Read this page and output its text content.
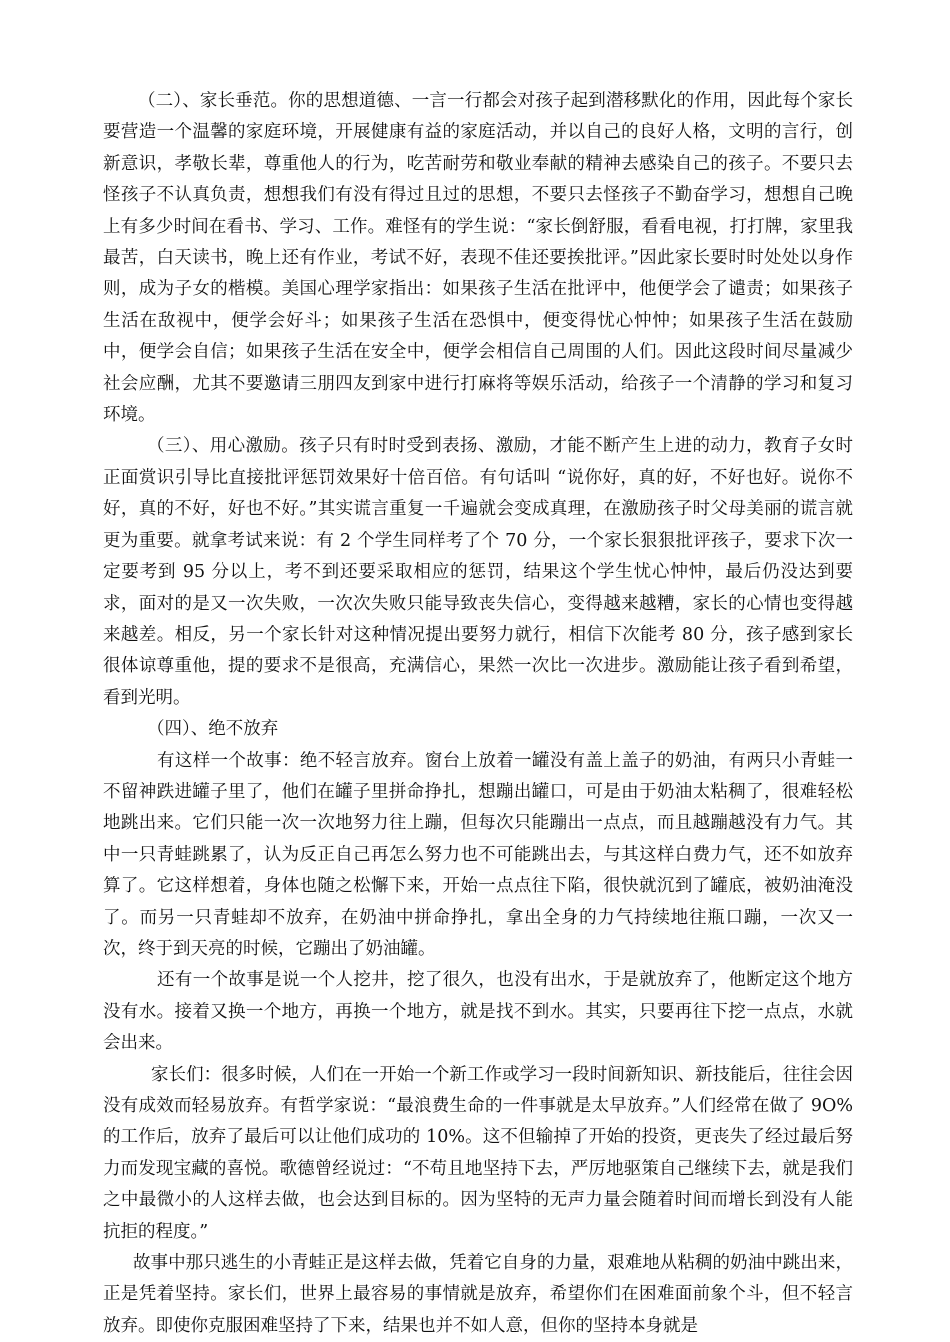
（二）、家长垂范。你的思想道德、一言一行都会对孩子起到潜移默化的作用，因此每个家长要营造一个温馨的家庭环境，开展健康有益的家庭活动，并以自己的良好人格，文明的言行，创新意识，孝敬长辈，尊重他人的行为，吃苦耐劳和敬业奉献的精神去感染自己的孩子。不要只去怪孩子不认真负责，想想我们有没有得过且过的思想，不要只去怪孩子不勤奋学习，想想自己晚上有多少时间在看书、学习、工作。难怪有的学生说：“家长倒舒服，看看电视，打打牌，家里我最苦，白天读书，晚上还有作业，考试不好，表现不佳还要挨批评。”因此家长要时时处处以身作则，成为子女的楷模。美国心理学家指出：如果孩子生活在批评中，他便学会了谴责；如果孩子生活在敌视中，便学会好斗；如果孩子生活在恐惧中，便变得忧心忡忡；如果孩子生活在鼓励中，便学会自信；如果孩子生活在安全中，便学会相信自己周围的人们。因此这段时间尽量减少社会应酬，尤其不要邀请三朋四友到家中进行打麻将等娱乐活动，给孩子一个清静的学习和复习环境。

（三）、用心激励。孩子只有时时受到表扬、激励，才能不断产生上进的动力，教育子女时正面赏识引导比直接批评惩罚效果好十倍百倍。有句话叫 “说你好，真的好，不好也好。说你不好，真的不好，好也不好。”其实谎言重复一千遍就会变成真理，在激励孩子时父母美丽的谎言就更为重要。就拿考试来说：有 2 个学生同样考了个 70 分，一个家长狠狠批评孩子，要求下次一定要考到 95 分以上，考不到还要采取相应的惩罚，结果这个学生忧心忡忡，最后仍没达到要求，面对的是又一次失败，一次次失败只能导致丧失信心，变得越来越糟，家长的心情也变得越来越差。相反，另一个家长针对这种情况提出要努力就行，相信下次能考 80 分，孩子感到家长很体谅尊重他，提的要求不是很高，充满信心，果然一次比一次进步。激励能让孩子看到希望，看到光明。

（四）、绝不放弃

有这样一个故事：绝不轻言放弃。窗台上放着一罐没有盖上盖子的奶油，有两只小青蛙一不留神跌进罐子里了，他们在罐子里拼命挣扎，想蹦出罐口，可是由于奶油太粘稠了，很难轻松地跳出来。它们只能一次一次地努力往上蹦，但每次只能蹦出一点点，而且越蹦越没有力气。其中一只青蛙跳累了，认为反正自己再怎么努力也不可能跳出去，与其这样白费力气，还不如放弃算了。它这样想着，身体也随之松懈下来，开始一点点往下陷，很快就沉到了罐底，被奶油淹没了。而另一只青蛙却不放弃，在奶油中拼命挣扎，拿出全身的力气持续地往瓶口蹦，一次又一次，终于到天亮的时候，它蹦出了奶油罐。

还有一个故事是说一个人挖井，挖了很久，也没有出水，于是就放弃了，他断定这个地方没有水。接着又换一个地方，再换一个地方，就是找不到水。其实，只要再往下挖一点点，水就会出来。

家长们：很多时候，人们在一开始一个新工作或学习一段时间新知识、新技能后，往往会因没有成效而轻易放弃。有哲学家说：“最浪费生命的一件事就是太早放弃。”人们经常在做了 9O%的工作后，放弃了最后可以让他们成功的 10%。这不但输掉了开始的投资，更丧失了经过最后努力而发现宝藏的喜悦。歌德曾经说过：“不苟且地坚持下去，严厉地驱策自己继续下去，就是我们之中最微小的人这样去做，也会达到目标的。因为坚特的无声力量会随着时间而增长到没有人能抗拒的程度。”

故事中那只逃生的小青蛙正是这样去做，凭着它自身的力量，艰难地从粘稠的奶油中跳出来，正是凭着坚持。家长们，世界上最容易的事情就是放弃，希望你们在困难面前象个斗，但不轻言放弃。即使你克服困难坚持了下来，结果也并不如人意，但你的坚持本身就是
